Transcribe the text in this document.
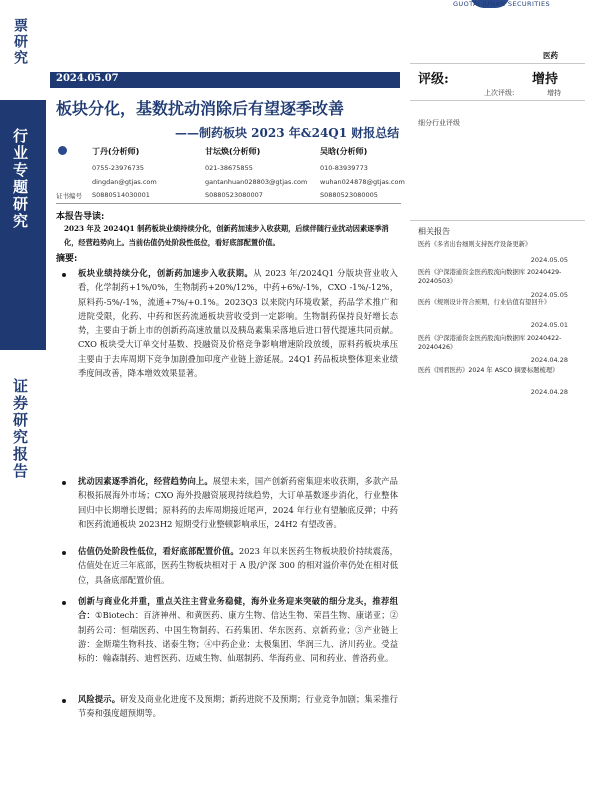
GUOTAI JUNAN SECURITIES
医药
票研究
行业专题研究
证券研究报告
2024.05.07
板块分化，基数扰动消除后有望逐季改善
——制药板块 2023 年&24Q1 财报总结
丁丹(分析师)
0755-23976735
dingdan@gtjas.com
证书编号 S0880514030001
甘坛焕(分析师)
021-38675855
gantanhuan028803@gtjas.com
S0880523080007
吴晗(分析师)
010-83939773
wuhan024878@gtjas.com
S0880523080005
评级:	增持
上次评级:	增持
细分行业评级
相关报告
医药《多省出台细则支持医疗设备更新》
2024.05.05
医药《沪深港通资金医药股流向数据库 20240429-20240503》
2024.05.05
医药《规则设计符合预期，行业估值有望回升》
2024.05.01
医药《沪深港通资金医药股流向数据库 20240422-20240426》
2024.04.28
医药《国君医药》2024 年 ASCO 摘要标题梳理》
2024.04.28
本报告导读:
2023 年及 2024Q1 制药板块业绩持续分化，创新药加速步入收获期，后续伴随行业扰动因素逐季消化，经营趋势向上。当前估值仍处阶段性低位，看好底部配置价值。
摘要:
板块业绩持续分化，创新药加速步入收获期。从 2023 年/2024Q1 分版块营业收入看，化学制药+1%/0%，生物制药+20%/12%，中药+6%/-1%，CXO -1%/-12%，原料药-5%/-1%，流通+7%/+0.1%。2023Q3 以来院内环境收紧，药品学术推广和进院受限，化药、中药和医药流通板块营收受到一定影响。生物制药保持良好增长态势，主要由于新上市的创新药高速放量以及胰岛素集采落地后进口替代提速共同贡献。CXO 板块受大订单交付基数、投融资及价格竞争影响增速阶段放缓，原料药板块承压主要由于去库周期下竞争加剧叠加印度产业链上游延展。24Q1 药品板块整体迎来业绩季度间改善，降本增效效果显著。
扰动因素逐季消化，经营趋势向上。展望未来，国产创新药密集迎来收获期，多款产品积极拓展海外市场；CXO 海外投融资展现持续趋势，大订单基数逐步消化，行业整体回归中长期增长逻辑；原料药的去库周期接近尾声，2024 年行业有望触底反弹；中药和医药流通板块 2023H2 短期受行业整顿影响承压，24H2 有望改善。
估值仍处阶段性低位，看好底部配置价值。2023 年以来医药生物板块股价持续震荡，估值处在近三年底部，医药生物板块相对于 A 股/沪深 300 的相对溢价率仍处在相对低位，具备底部配置价值。
创新与商业化并重，重点关注主营业务稳健，海外业务迎来突破的细分龙头，推荐组合：①Biotech：百济神州、和黄医药、康方生物、信达生物、荣昌生物、康诺亚；②制药公司：恒瑞医药、中国生物制药、石药集团、华东医药、京新药业；③产业链上游：金斯瑞生物科技、诺泰生物；④中药企业：太极集团、华润三九、济川药业。受益标的：翰森制药、迪哲医药、迈威生物、仙琚制药、华海药业、同和药业、普洛药业。
风险提示。研发及商业化进度不及预期；新药进院不及预期；行业竞争加剧；集采推行节奏和强度超预期等。
